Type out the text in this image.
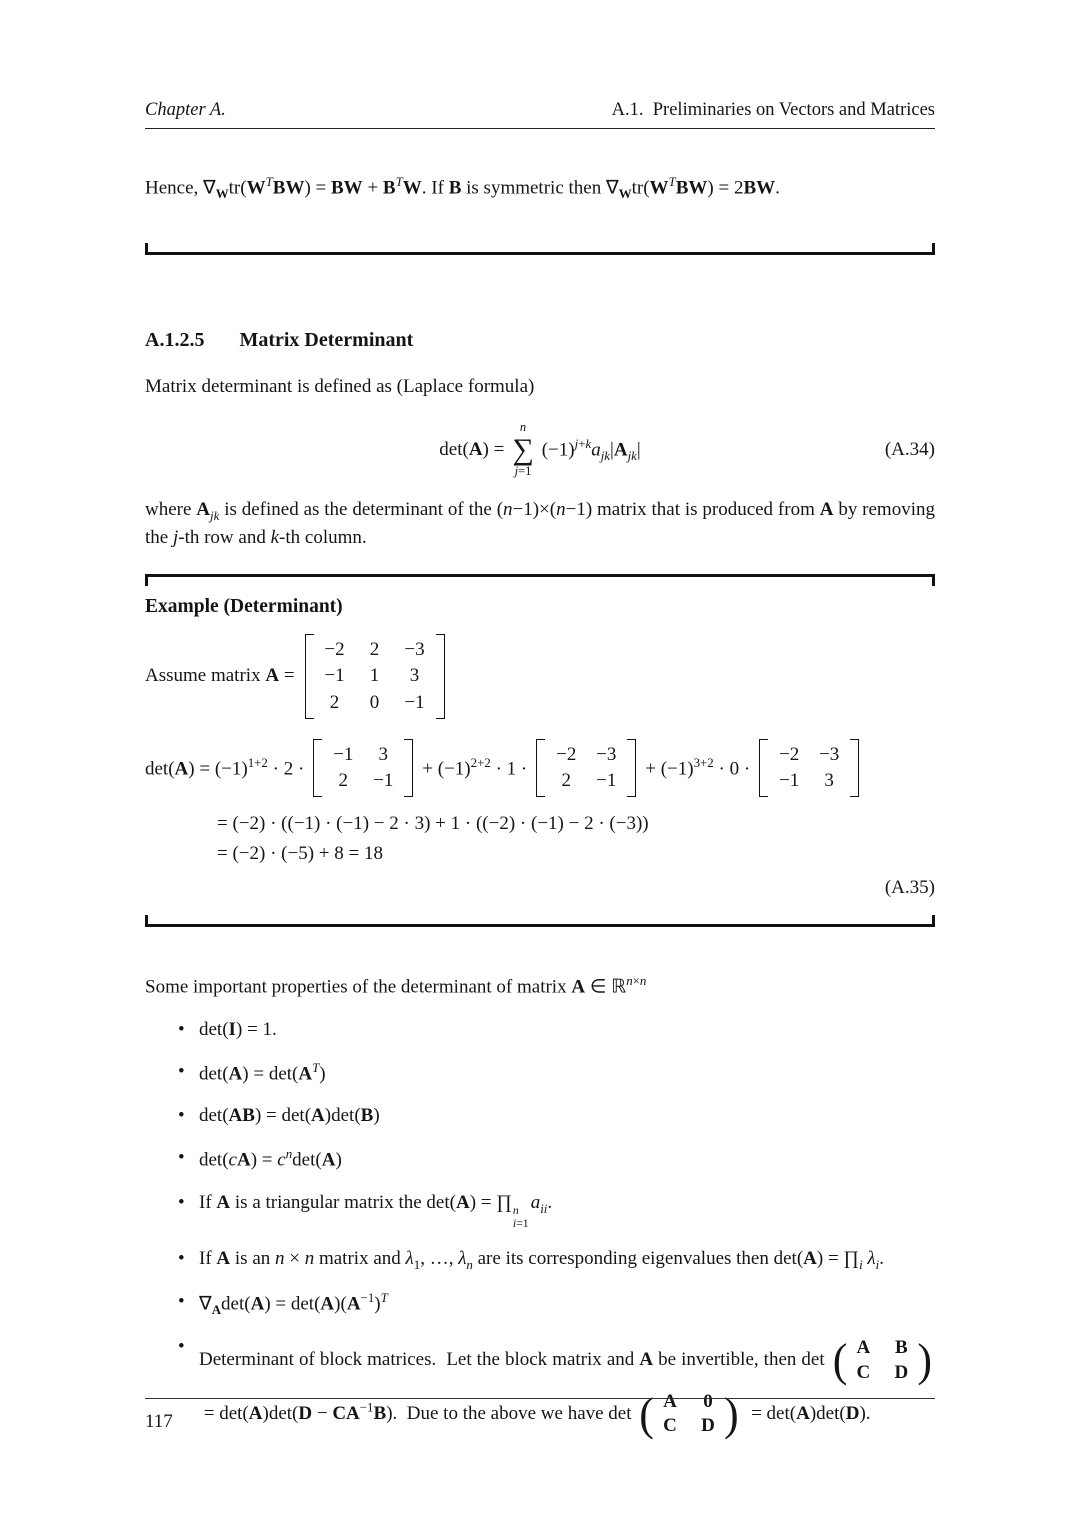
Chapter A.	A.1.  Preliminaries on Vectors and Matrices

Hence, $\nabla_Wtr(W^TBW)$ = BW + $B^TW$. If B is symmetric then $\nabla_Wtr(W^TBW) = 2BW$.

A.1.2.5 Matrix Determinant

Matrix determinant is defined as (Laplace formula)

det(A) =
n
∑
j=1
$(-1)^{j+k}a_{jk}|A_{jk}|$	(A.34)

where $A_{jk}$ is defined as the determinant of the (n−1)×(n−1) matrix that is produced from A by removing the j-th row and k-th column.

Example (Determinant)
Assume matrix A =
−2	2	−3
−1	1	3
2	0	−1
$\det(A) = (-1)^{1+2} \cdot 2$ ·
−1	3
2	−1
+ $(-1)^{2+2} \cdot 1$ ·
−2 −3
2	−1
+ $(-1)^{3+2} \cdot 0$ ·
−2 −3
−1	3
= (−2) · ((−1) · (−1) − 2 · 3) + 1 · ((−2) · (−1) − 2 · (−3))
= (−2) · (−5) + 8 = 18
(A.35)

Some important properties of the determinant of matrix A ∈ ℝ$^{n\times n}$

• det(I) = 1.
• $\det(A) = \det(A^T)$
• det(AB) = det(A)det(B)
• $\det(cA) = c^n\det(A)$
• If A is a triangular matrix the det(A) = ∏ n
i=1
$a_{ii}$.
• If A is an n × n matrix and $\lambda_1$, …, $\lambda_n$ are its corresponding eigenvalues then $\det(A) = \prod_i$ $\lambda_i$.
• $\nabla_A\det(A) = \det(A)(A^{-1})^T$
•
Determinant of block matrices.  Let the block matrix and A be invertible, then det ( A B
C D )
= $\det(A)\det(D - CA^{-1}B)$.  Due to the above we have det ( A 0
C D ) = det(A)det(D).
117
